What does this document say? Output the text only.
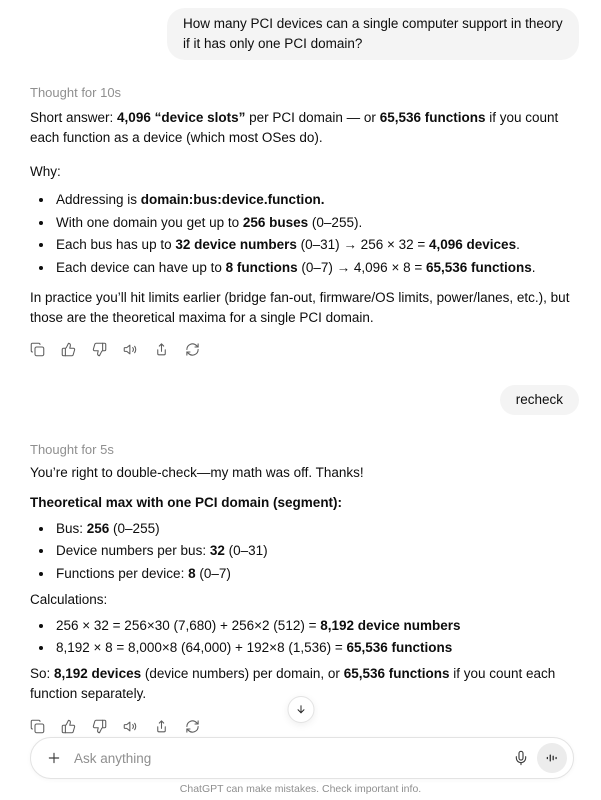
How many PCI devices can a single computer support in theory if it has only one PCI domain?
Thought for 10s

Short answer: 4,096 “device slots” per PCI domain — or 65,536 functions if you count each function as a device (which most OSes do).

Why:

• Addressing is domain:bus:device.function.
• With one domain you get up to 256 buses (0–255).
• Each bus has up to 32 device numbers (0–31) → 256 × 32 = 4,096 devices.
• Each device can have up to 8 functions (0–7) → 4,096 × 8 = 65,536 functions.

In practice you’ll hit limits earlier (bridge fan-out, firmware/OS limits, power/lanes, etc.), but those are the theoretical maxima for a single PCI domain.

recheck
Thought for 5s

You’re right to double-check—my math was off. Thanks!

Theoretical max with one PCI domain (segment):

• Bus: 256 (0–255)
• Device numbers per bus: 32 (0–31)
• Functions per device: 8 (0–7)

Calculations:

• 256 × 32 = 256×30 (7,680) + 256×2 (512) = 8,192 device numbers
• 8,192 × 8 = 8,000×8 (64,000) + 192×8 (1,536) = 65,536 functions

So: 8,192 devices (device numbers) per domain, or 65,536 functions if you count each function separately.

Ask anything
ChatGPT can make mistakes. Check important info.
